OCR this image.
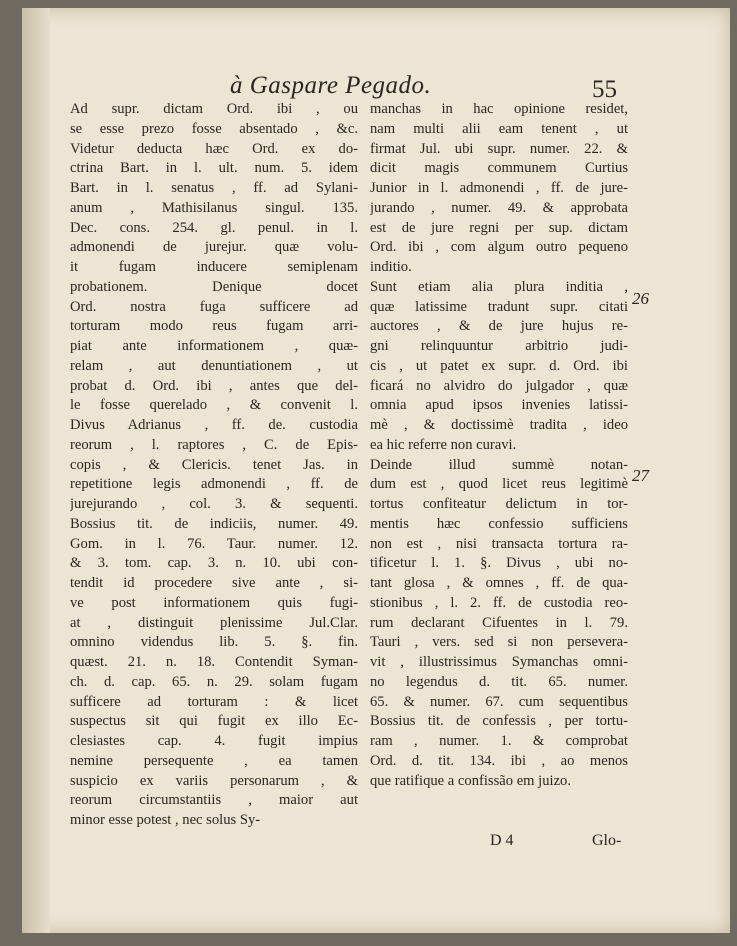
à Gaspare Pegado.	55
Ad supr. dictam Ord. ibi , ou
se esse prezo fosse absentado , &c.
Videtur deducta hæc Ord. ex do-
ctrina Bart. in l. ult. num. 5. idem
Bart. in l. senatus , ff. ad Sylani-
anum , Mathisilanus singul. 135.
Dec. cons. 254. gl. penul. in l.
admonendi de jurejur. quæ volu-
it fugam inducere semiplenam
probationem. Denique docet
Ord. nostra fuga sufficere ad
torturam modo reus fugam arri-
piat ante informationem , quæ-
relam , aut denuntiationem , ut
probat d. Ord. ibi , antes que del-
le fosse querelado , & convenit l.
Divus Adrianus , ff. de. custodia
reorum , l. raptores , C. de Epis-
copis , & Clericis. tenet Jas. in
repetitione legis admonendi , ff. de
jurejurando , col. 3. & sequenti.
Bossius tit. de indiciis, numer. 49.
Gom. in l. 76. Taur. numer. 12.
& 3. tom. cap. 3. n. 10. ubi con-
tendit id procedere sive ante , si-
ve post informationem quis fugi-
at , distinguit plenissime Jul.Clar.
omnino videndus lib. 5. §. fin.
quæst. 21. n. 18. Contendit Syman-
ch. d. cap. 65. n. 29. solam fugam
sufficere ad torturam : & licet
suspectus sit qui fugit ex illo Ec-
clesiastes cap. 4. fugit impius
nemine persequente , ea tamen
suspicio ex variis personarum , &
reorum circumstantiis , maior aut
minor esse potest , nec solus Sy-
manchas in hac opinione residet,
nam multi alii eam tenent , ut
firmat Jul. ubi supr. numer. 22. &
dicit magis communem Curtius
Junior in l. admonendi , ff. de jure-
jurando , numer. 49. & approbata
est de jure regni per sup. dictam
Ord. ibi , com algum outro pequeno
inditio.
Sunt etiam alia plura inditia ,
quæ latissime tradunt supr. citati
auctores , & de jure hujus re-
gni relinquuntur arbitrio judi-
cis , ut patet ex supr. d. Ord. ibi
ficará no alvidro do julgador , quæ
omnia apud ipsos invenies latissi-
mè , & doctissimè tradita , ideo
ea hic referre non curavi.
Deinde illud summè notan-
dum est , quod licet reus legitimè
tortus confiteatur delictum in tor-
mentis hæc confessio sufficiens
non est , nisi transacta tortura ra-
tificetur l. 1. §. Divus , ubi no-
tant glosa , & omnes , ff. de qua-
stionibus , l. 2. ff. de custodia reo-
rum declarant Cifuentes in l. 79.
Tauri , vers. sed si non persevera-
vit , illustrissimus Symanchas omni-
no legendus d. tit. 65. numer.
65. & numer. 67. cum sequentibus
Bossius tit. de confessis , per tortu-
ram , numer. 1. & comprobat
Ord. d. tit. 134. ibi , ao menos
que ratifique a confissão em juizo.
26
27
D 4	Glo-
